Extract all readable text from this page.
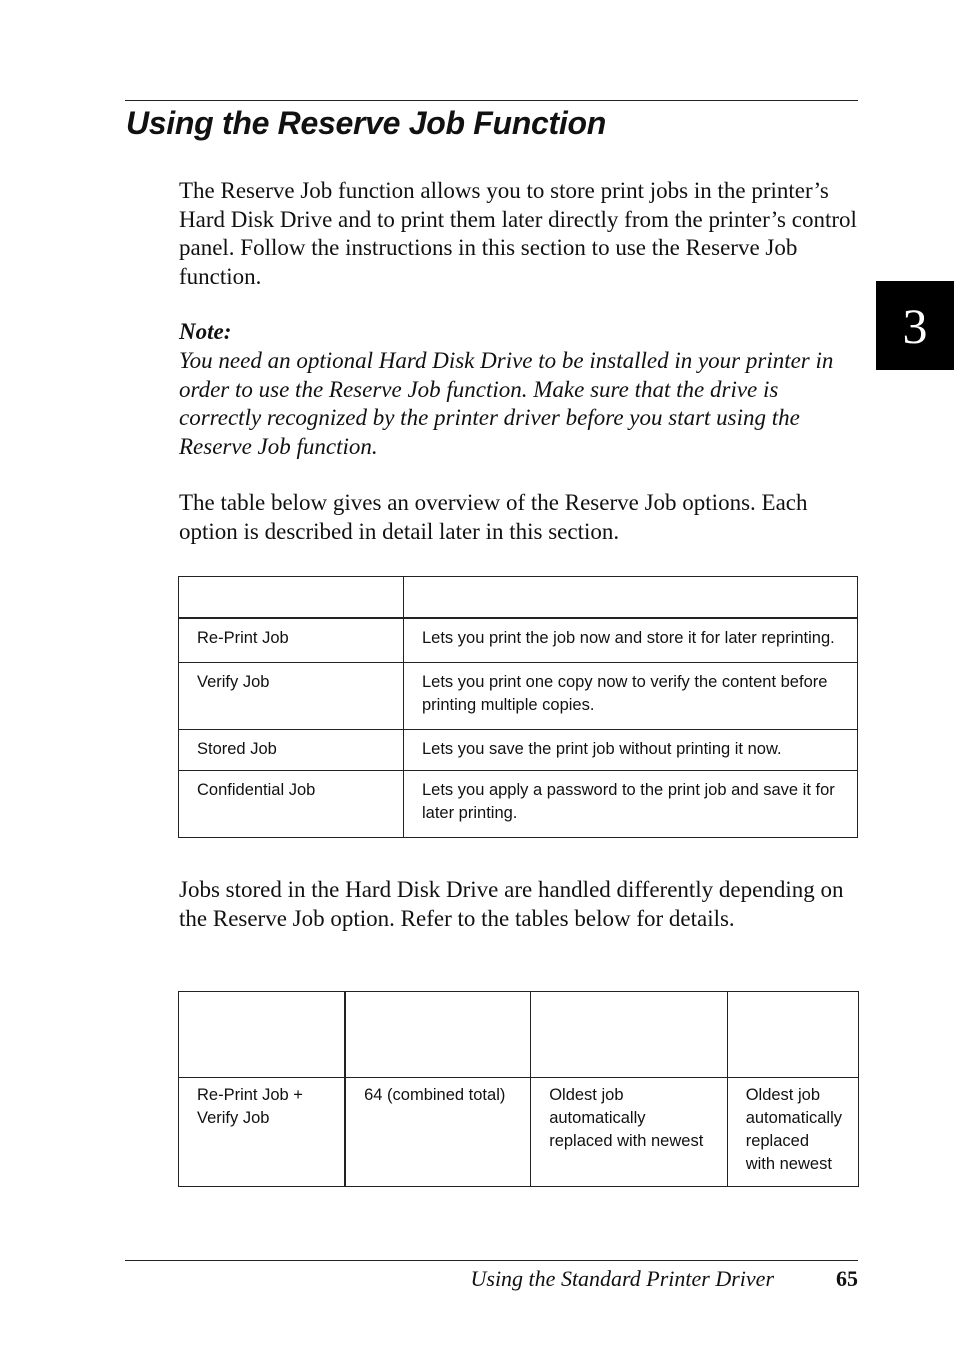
Using the Reserve Job Function
3

The Reserve Job function allows you to store print jobs in the printer’s Hard Disk Drive and to print them later directly from the printer’s control panel. Follow the instructions in this section to use the Reserve Job function.

Note:

You need an optional Hard Disk Drive to be installed in your printer in order to use the Reserve Job function. Make sure that the drive is correctly recognized by the printer driver before you start using the Reserve Job function.

The table below gives an overview of the Reserve Job options. Each option is described in detail later in this section.

Re-Print Job	Lets you print the job now and store it for later reprinting.
Verify Job	Lets you print one copy now to verify the content before printing multiple copies.
Stored Job	Lets you save the print job without printing it now.
Confidential Job	Lets you apply a password to the print job and save it for later printing.

Jobs stored in the Hard Disk Drive are handled differently depending on the Reserve Job option. Refer to the tables below for details.

Re-Print Job + Verify Job	64 (combined total)	Oldest job automatically replaced with newest	Oldest job automatically replaced with newest
Using the Standard Printer Driver	65
